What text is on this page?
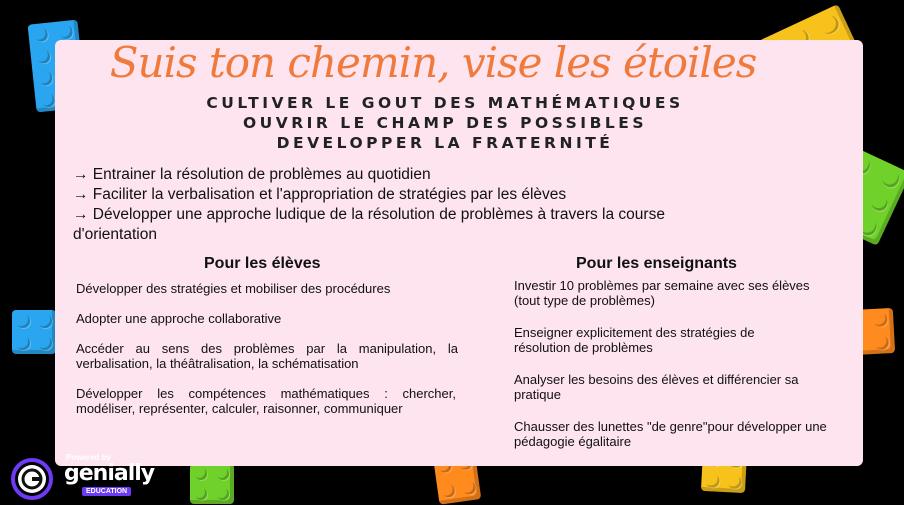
Suis ton chemin, vise les étoiles
CULTIVER LE GOUT DES MATHÉMATIQUES
OUVRIR LE CHAMP DES POSSIBLES
DEVELOPPER LA FRATERNITÉ
→ Entrainer la résolution de problèmes au quotidien
→ Faciliter la verbalisation et l'appropriation de stratégies par les élèves
→ Développer une approche ludique de la résolution de problèmes à travers la course
d'orientation
Pour les élèves
Développer des stratégies et mobiliser des procédures
Adopter une approche collaborative
Accéder au sens des problèmes par la manipulation, la verbalisation, la théâtralisation, la schématisation
Développer les compétences mathématiques : chercher, modéliser, représenter, calculer, raisonner, communiquer
Pour les enseignants
Investir 10 problèmes par semaine avec ses élèves (tout type de problèmes)
Enseigner explicitement des stratégies de résolution de problèmes
Analyser les besoins des élèves et différencier sa pratique
Chausser des lunettes "de genre"pour développer une pédagogie égalitaire
Powered by
genially
EDUCATION
